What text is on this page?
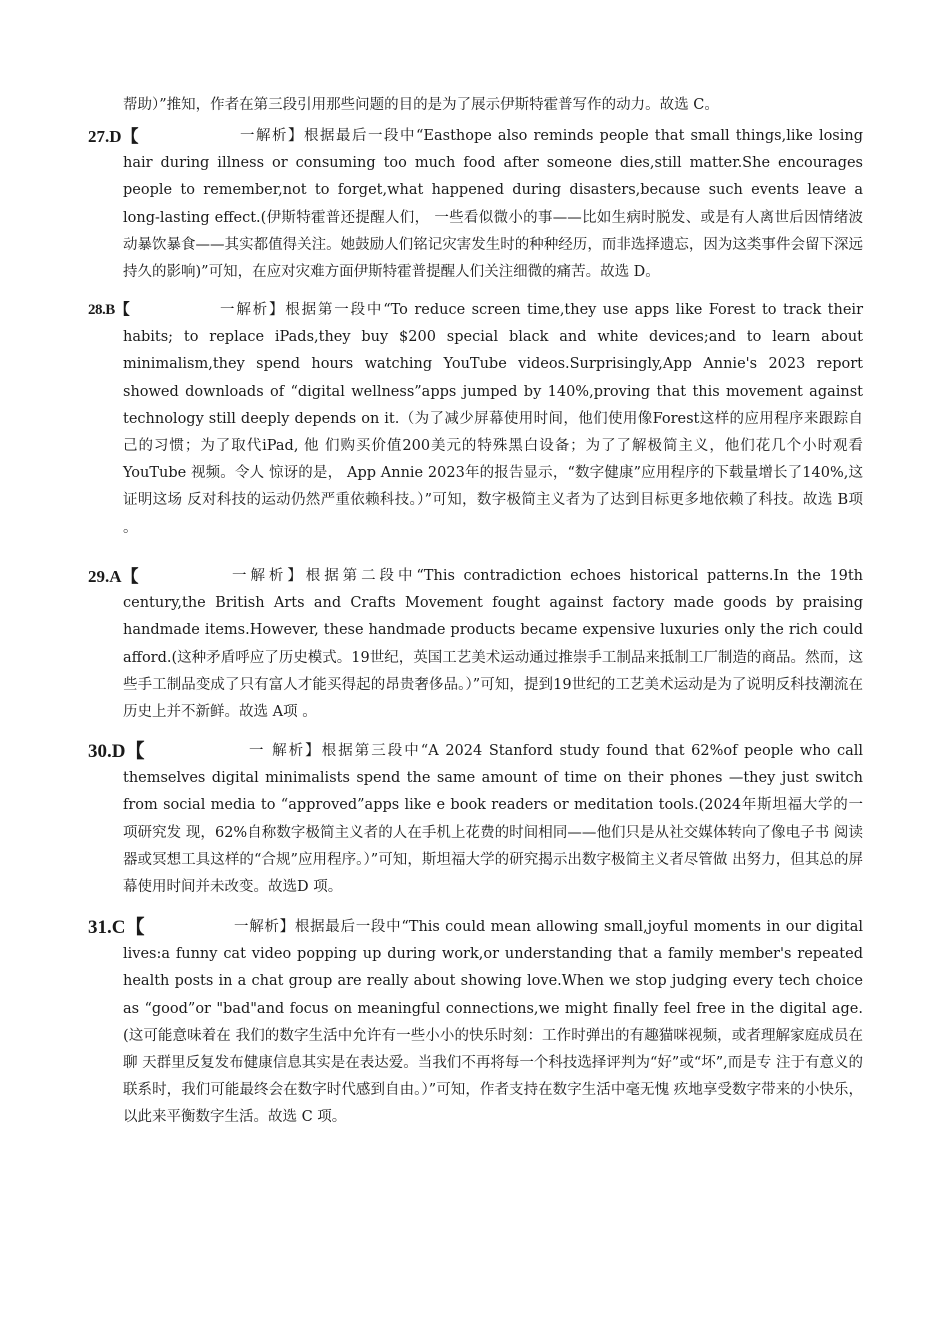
帮助）”推知，作者在第三段引用那些问题的目的是为了展示伊斯特霍普写作的动力。故选 C。

27.D【	一解析】根据最后一段中“Easthope also reminds people that small things,like losing hair during illness or consuming too much food after someone dies,still matter.She encourages people to remember,not to forget,what happened during disasters,because such events leave a long-lasting effect.(伊斯特霍普还提醒人们， 一些看似微小的事——比如生病时脱发、或是有人离世后因情绪波动暴饮暴食——其实都值得关注。她鼓励人们铭记灾害发生时的种种经历，而非选择遗忘，因为这类事件会留下深远持久的影响)”可知，在应对灾难方面伊斯特霍普提醒人们关注细微的痛苦。故选 D。

28.B【	一解析】根据第一段中“To reduce screen time,they use apps like Forest to track their habits; to replace iPads,they buy $200 special black and white devices;and to learn about minimalism,they spend hours watching YouTube videos.Surprisingly,App Annie's 2023 report showed downloads of “digital wellness”apps jumped by 140%,proving that this movement against technology still deeply depends on it.（为了减少屏幕使用时间，他们使用像Forest这样的应用程序来跟踪自己的习惯；为了取代iPad, 他 们购买价值200美元的特殊黑白设备；为了了解极简主义，他们花几个小时观看YouTube 视频。令人 惊讶的是， App Annie 2023年的报告显示，“数字健康”应用程序的下载量增长了140%,这证明这场 反对科技的运动仍然严重依赖科技。）”可知，数字极简主义者为了达到目标更多地依赖了科技。故选 B项 。

29.A【	一解析】根据第二段中“This contradiction echoes historical patterns.In the 19th century,the British Arts and Crafts Movement fought against factory made goods by praising handmade items.However, these handmade products became expensive luxuries only the rich could afford.(这种矛盾呼应了历史模式。19世纪，英国工艺美术运动通过推崇手工制品来抵制工厂制造的商品。然而，这些手工制品变成了只有富人才能买得起的昂贵奢侈品。）”可知，提到19世纪的工艺美术运动是为了说明反科技潮流在 历史上并不新鲜。故选 A项 。

30.D【	一 解析】根据第三段中“A 2024 Stanford study found that 62%of people who call themselves digital minimalists spend the same amount of time on their phones —they just switch from social media to “approved”apps like e book readers or meditation tools.(2024年斯坦福大学的一项研究发 现，62%自称数字极简主义者的人在手机上花费的时间相同——他们只是从社交媒体转向了像电子书 阅读器或冥想工具这样的“合规”应用程序。）”可知，斯坦福大学的研究揭示出数字极简主义者尽管做 出努力，但其总的屏幕使用时间并未改变。故选D 项。

31.C【	一解析】根据最后一段中“This could mean allowing small,joyful moments in our digital lives:a funny cat video popping up during work,or understanding that a family member's repeated health posts in a chat group are really about showing love.When we stop judging every tech choice as “good”or "bad"and focus on meaningful connections,we might finally feel free in the digital age.(这可能意味着在 我们的数字生活中允许有一些小小的快乐时刻：工作时弹出的有趣猫咪视频，或者理解家庭成员在聊 天群里反复发布健康信息其实是在表达爱。当我们不再将每一个科技选择评判为“好”或“坏”,而是专 注于有意义的联系时，我们可能最终会在数字时代感到自由。）”可知，作者支持在数字生活中毫无愧 疚地享受数字带来的小快乐，以此来平衡数字生活。故选 C 项。
